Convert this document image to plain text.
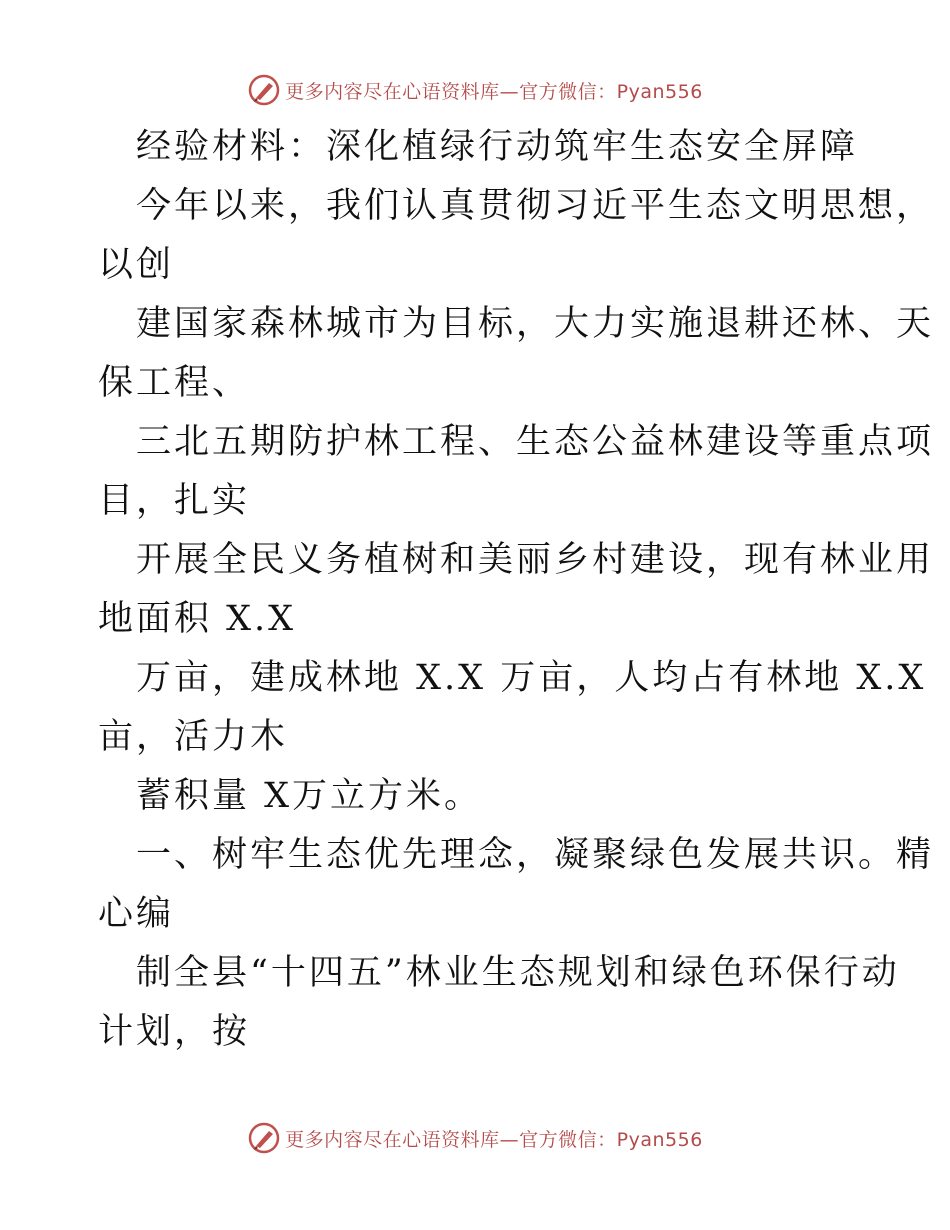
更多内容尽在心语资料库—官方微信：Pyan556
经验材料：深化植绿行动筑牢生态安全屏障
今年以来，我们认真贯彻习近平生态文明思想，
以创
建国家森林城市为目标，大力实施退耕还林、天
保工程、
三北五期防护林工程、生态公益林建设等重点项
目，扎实
开展全民义务植树和美丽乡村建设，现有林业用
地面积 X.X
万亩，建成林地 X.X 万亩，人均占有林地 X.X
亩，活力木
蓄积量 X万立方米。
一、树牢生态优先理念，凝聚绿色发展共识。精
心编
制全县“十四五”林业生态规划和绿色环保行动
计划，按
更多内容尽在心语资料库—官方微信：Pyan556
